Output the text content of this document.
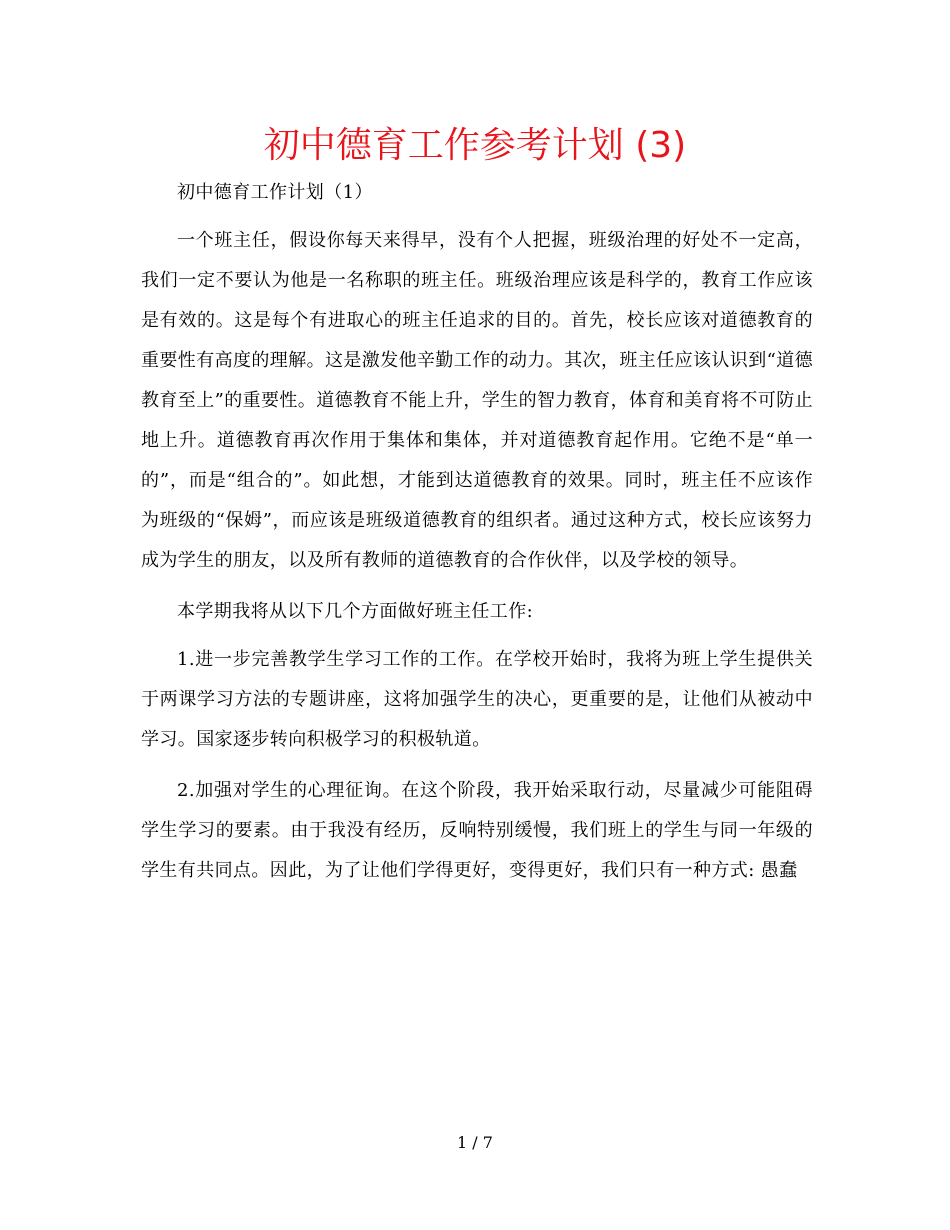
初中德育工作参考计划 (3)

初中德育工作计划（1）

一个班主任，假设你每天来得早，没有个人把握，班级治理的好处不一定高，我们一定不要认为他是一名称职的班主任。班级治理应该是科学的，教育工作应该是有效的。这是每个有进取心的班主任追求的目的。首先，校长应该对道德教育的重要性有高度的理解。这是激发他辛勤工作的动力。其次，班主任应该认识到“道德教育至上”的重要性。道德教育不能上升，学生的智力教育，体育和美育将不可防止地上升。道德教育再次作用于集体和集体，并对道德教育起作用。它绝不是“单一的”，而是“组合的”。如此想，才能到达道德教育的效果。同时，班主任不应该作为班级的“保姆”，而应该是班级道德教育的组织者。通过这种方式，校长应该努力成为学生的朋友，以及所有教师的道德教育的合作伙伴，以及学校的领导。

本学期我将从以下几个方面做好班主任工作:

1.进一步完善教学生学习工作的工作。在学校开始时，我将为班上学生提供关于两课学习方法的专题讲座，这将加强学生的决心，更重要的是，让他们从被动中学习。国家逐步转向积极学习的积极轨道。

2.加强对学生的心理征询。在这个阶段，我开始采取行动，尽量减少可能阻碍学生学习的要素。由于我没有经历，反响特别缓慢，我们班上的学生与同一年级的学生有共同点。因此，为了让他们学得更好，变得更好，我们只有一种方式: 愚蠢

1 / 7
